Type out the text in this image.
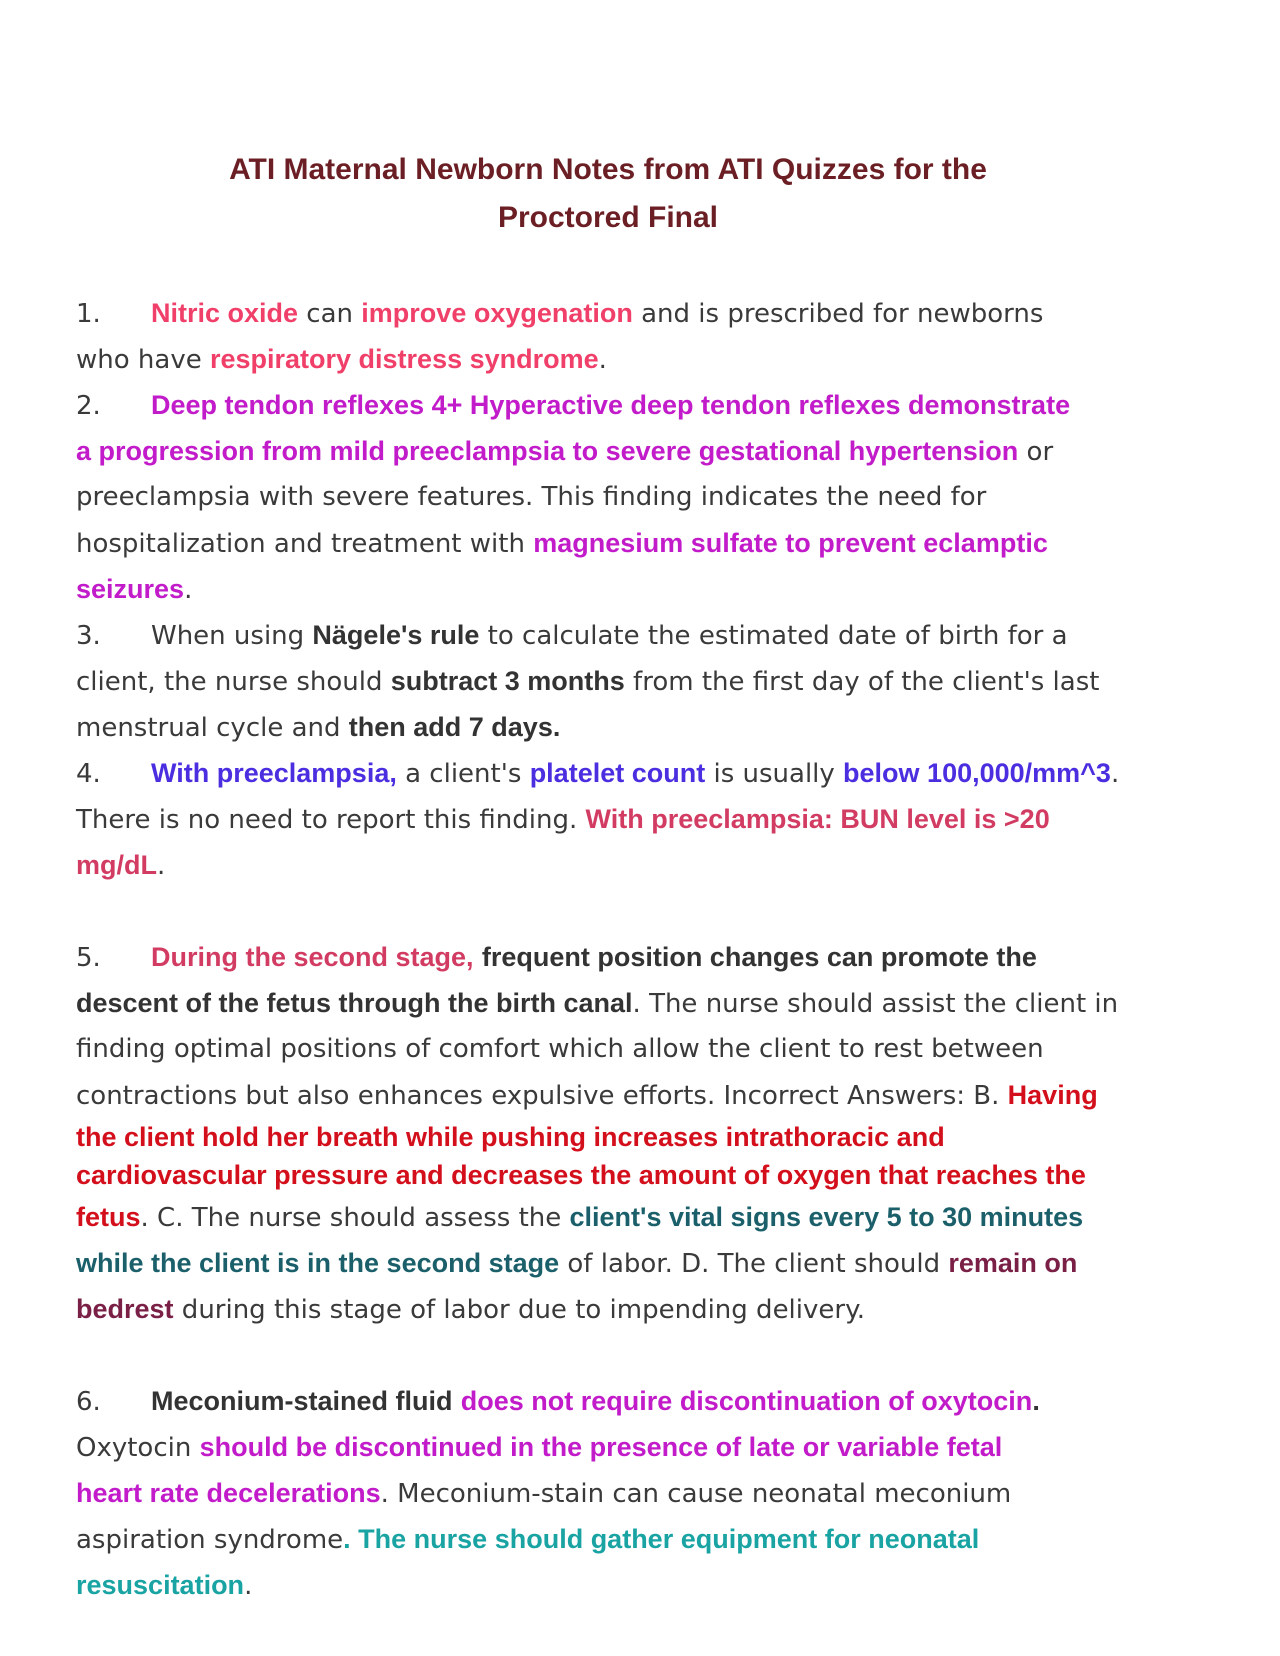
ATI Maternal Newborn Notes from ATI Quizzes for the
Proctored Final
1. Nitric oxide can improve oxygenation and is prescribed for newborns
who have respiratory distress syndrome.
2. Deep tendon reflexes 4+ Hyperactive deep tendon reflexes demonstrate
a progression from mild preeclampsia to severe gestational hypertension or
preeclampsia with severe features. This finding indicates the need for
hospitalization and treatment with magnesium sulfate to prevent eclamptic
seizures.
3. When using Nägele's rule to calculate the estimated date of birth for a
client, the nurse should subtract 3 months from the first day of the client's last
menstrual cycle and then add 7 days.
4. With preeclampsia, a client's platelet count is usually below 100,000/mm^3.
There is no need to report this finding. With preeclampsia: BUN level is >20
mg/dL.
5. During the second stage, frequent position changes can promote the
descent of the fetus through the birth canal. The nurse should assist the client in
finding optimal positions of comfort which allow the client to rest between
contractions but also enhances expulsive efforts. Incorrect Answers: B. Having
the client hold her breath while pushing increases intrathoracic and
cardiovascular pressure and decreases the amount of oxygen that reaches the
fetus. C. The nurse should assess the client's vital signs every 5 to 30 minutes
while the client is in the second stage of labor. D. The client should remain on
bedrest during this stage of labor due to impending delivery.
6. Meconium-stained fluid does not require discontinuation of oxytocin.
Oxytocin should be discontinued in the presence of late or variable fetal
heart rate decelerations. Meconium-stain can cause neonatal meconium
aspiration syndrome. The nurse should gather equipment for neonatal
resuscitation.
